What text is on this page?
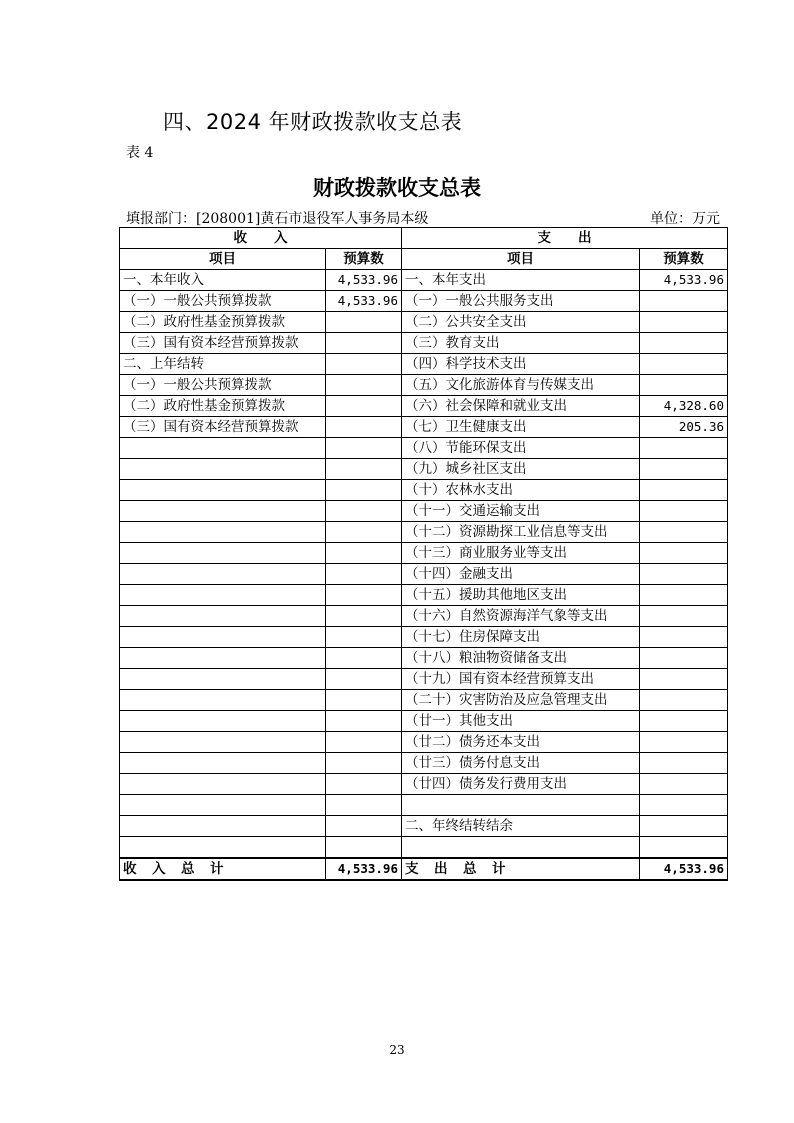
四、2024 年财政拨款收支总表
表 4
财政拨款收支总表
填报部门：[208001]黄石市退役军人事务局本级	单位：万元
收　　入		支　　出	
项目	预算数	项目	预算数
一、本年收入	4,533.96	一、本年支出	4,533.96
（一）一般公共预算拨款	4,533.96	（一）一般公共服务支出	
（二）政府性基金预算拨款		（二）公共安全支出	
（三）国有资本经营预算拨款		（三）教育支出	
二、上年结转		（四）科学技术支出	
（一）一般公共预算拨款		（五）文化旅游体育与传媒支出	
（二）政府性基金预算拨款		（六）社会保障和就业支出	4,328.60
（三）国有资本经营预算拨款		（七）卫生健康支出	205.36
		（八）节能环保支出	
		（九）城乡社区支出	
		（十）农林水支出	
		（十一）交通运输支出	
		（十二）资源勘探工业信息等支出	
		（十三）商业服务业等支出	
		（十四）金融支出	
		（十五）援助其他地区支出	
		（十六）自然资源海洋气象等支出	
		（十七）住房保障支出	
		（十八）粮油物资储备支出	
		（十九）国有资本经营预算支出	
		（二十）灾害防治及应急管理支出	
		（廿一）其他支出	
		（廿二）债务还本支出	
		（廿三）债务付息支出	
		（廿四）债务发行费用支出	

		二、年终结转结余	

收　入　总　计	4,533.96	支　出　总　计	4,533.96
23
